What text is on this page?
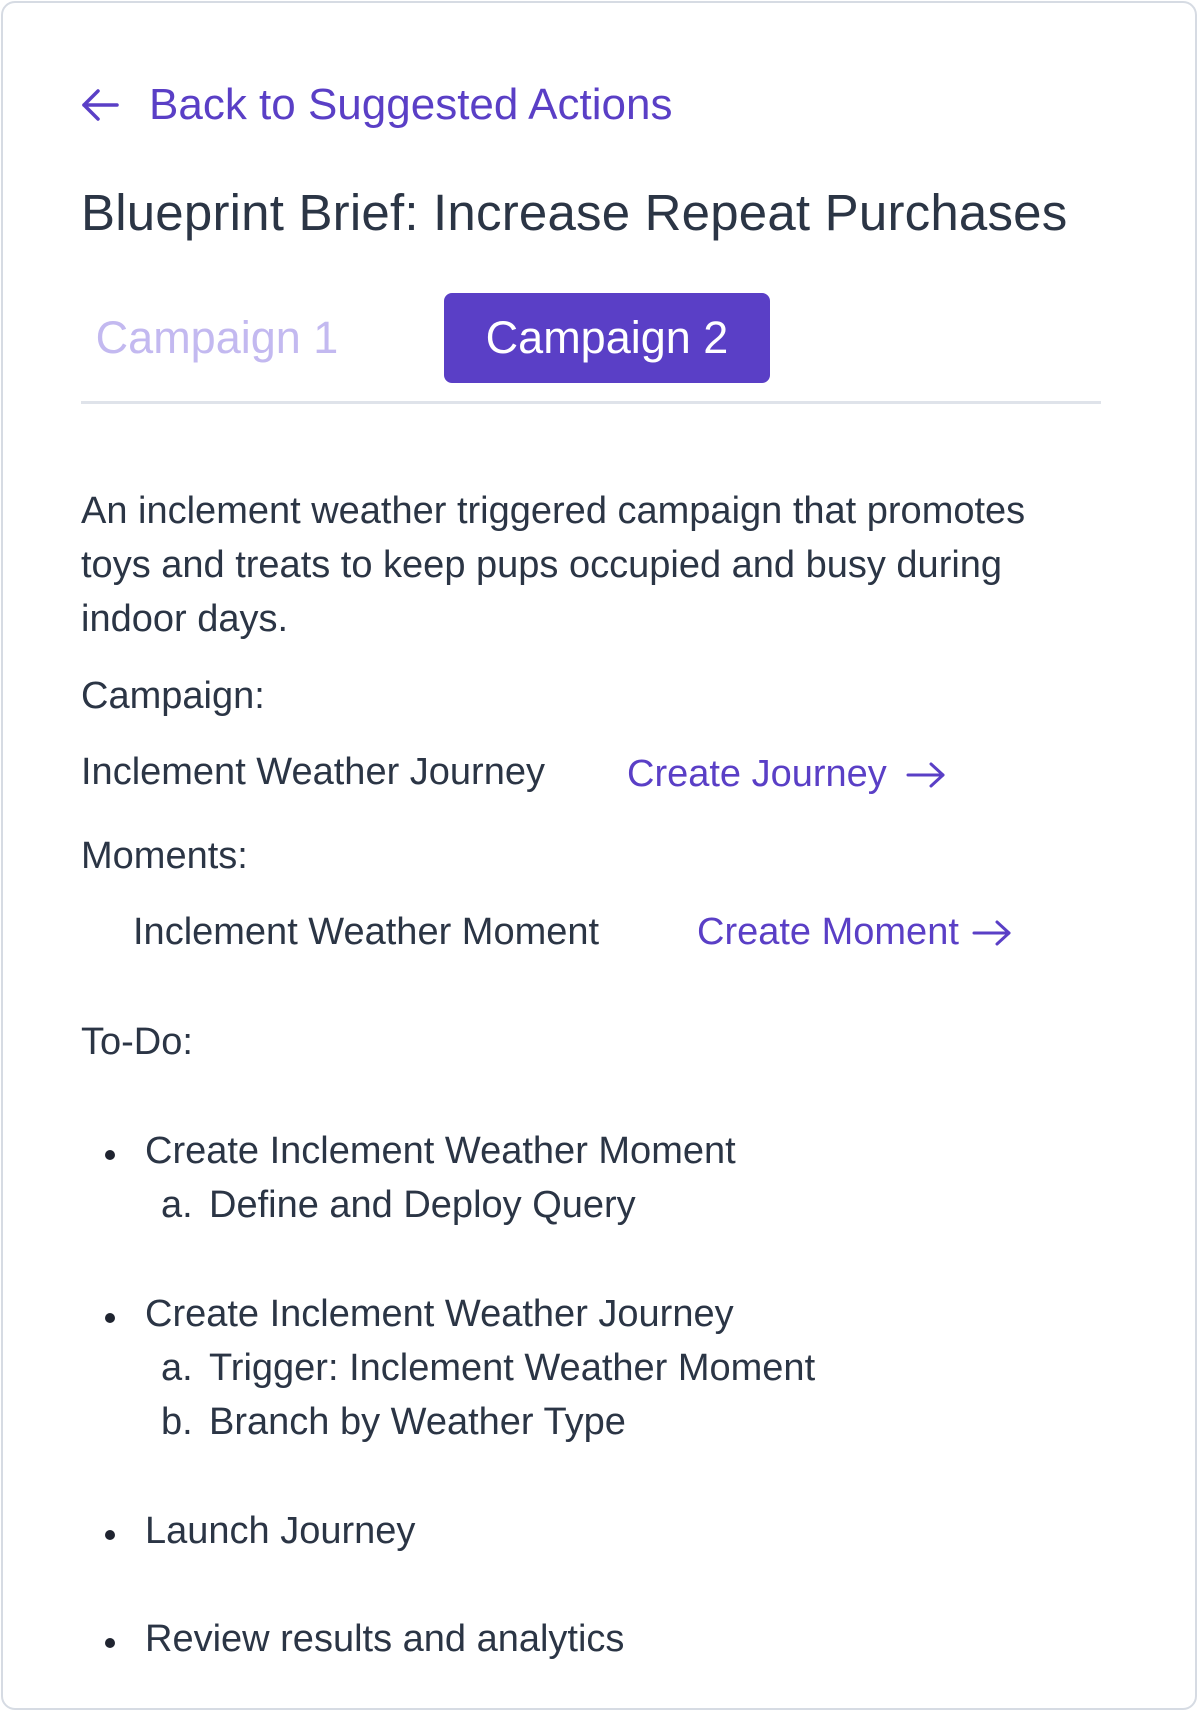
Back to Suggested Actions
Blueprint Brief: Increase Repeat Purchases
Campaign 1	Campaign 2
An inclement weather triggered campaign that promotes toys and treats to keep pups occupied and busy during indoor days.
Campaign:
Inclement Weather Journey Create Journey
Moments:
Inclement Weather Moment	Create Moment
To-Do:
Create Inclement Weather Moment
a. Define and Deploy Query
Create Inclement Weather Journey
a. Trigger: Inclement Weather Moment
b. Branch by Weather Type
Launch Journey
Review results and analytics
